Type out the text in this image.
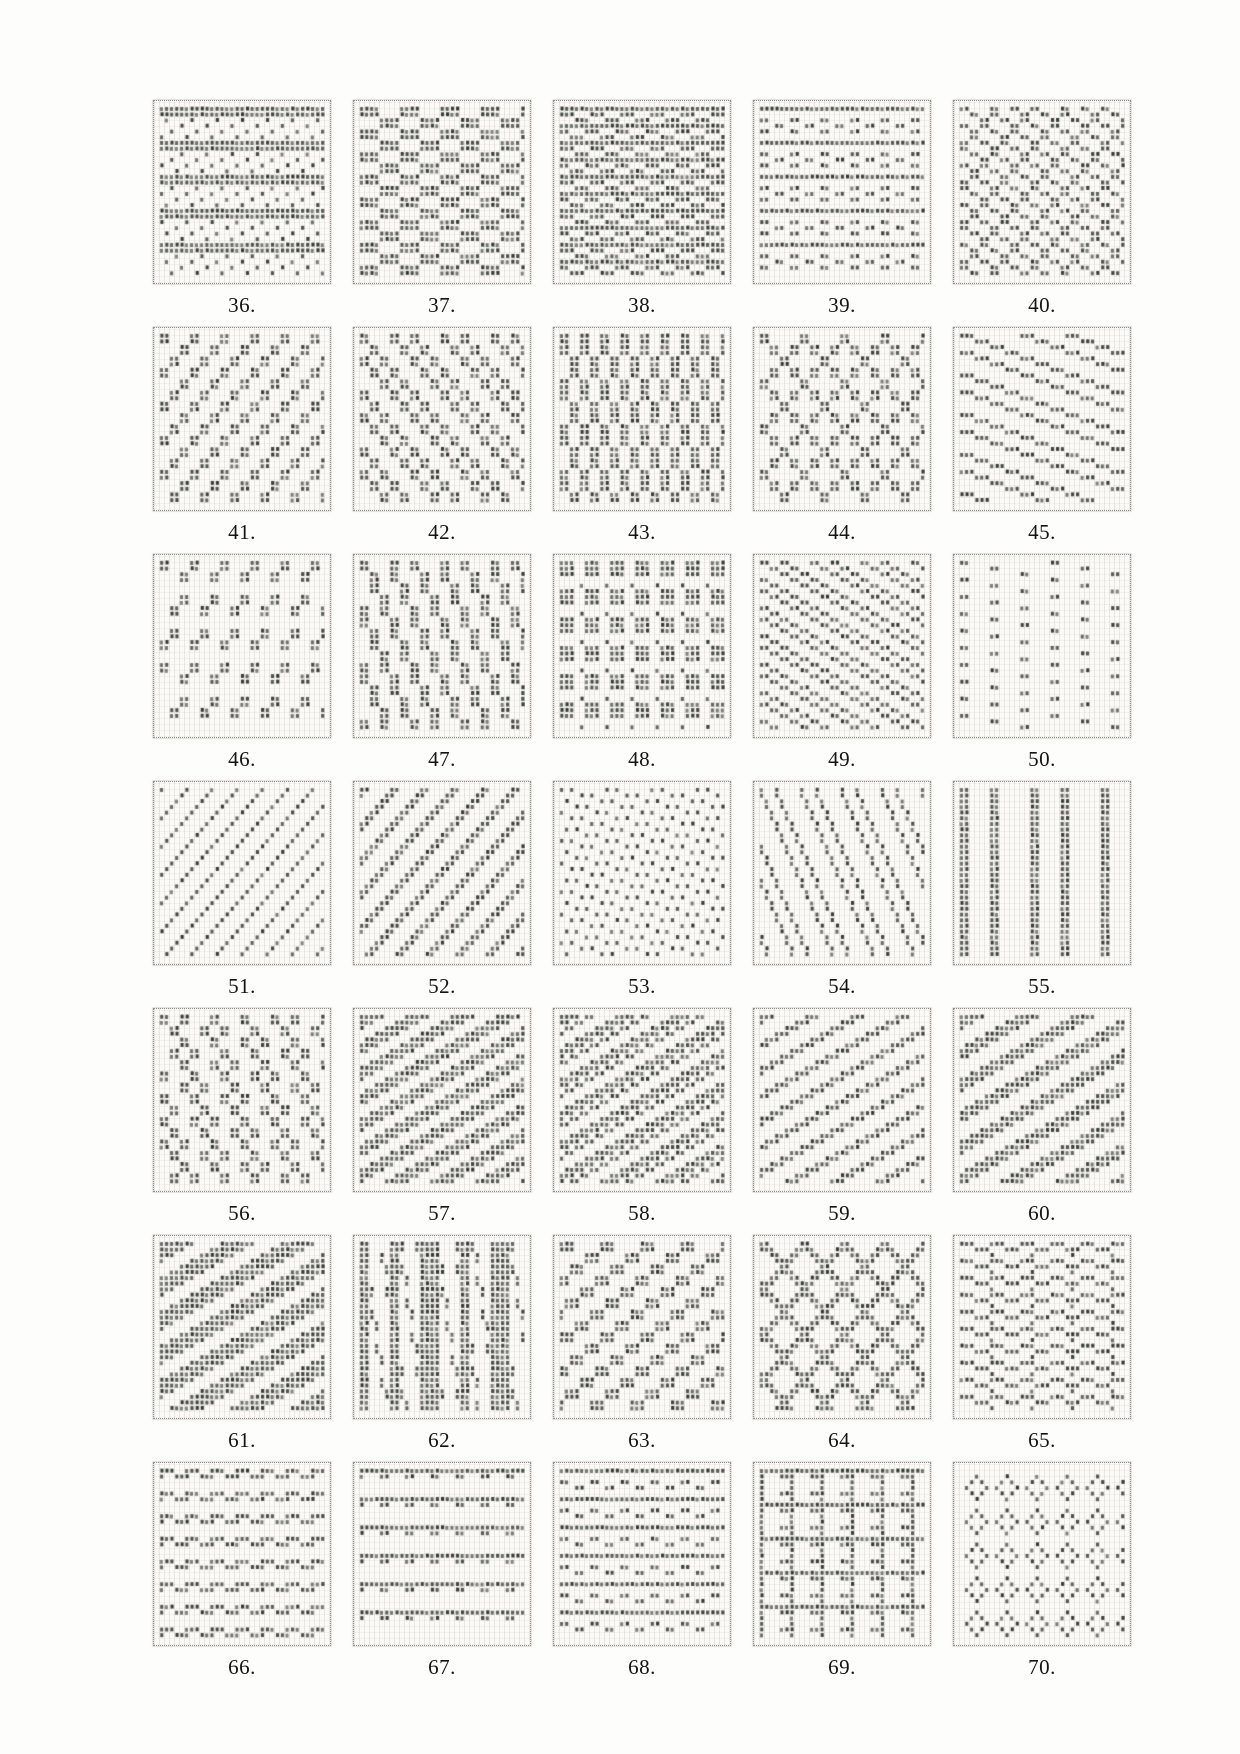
36.	37.	38.	39.	40.
41.	42.	43.	44.	45.
46.	47.	48.	49.	50.
51.	52.	53.	54.	55.
56.	57.	58.	59.	60.
61.	62.	63.	64.	65.
66.	67.	68.	69.	70.
